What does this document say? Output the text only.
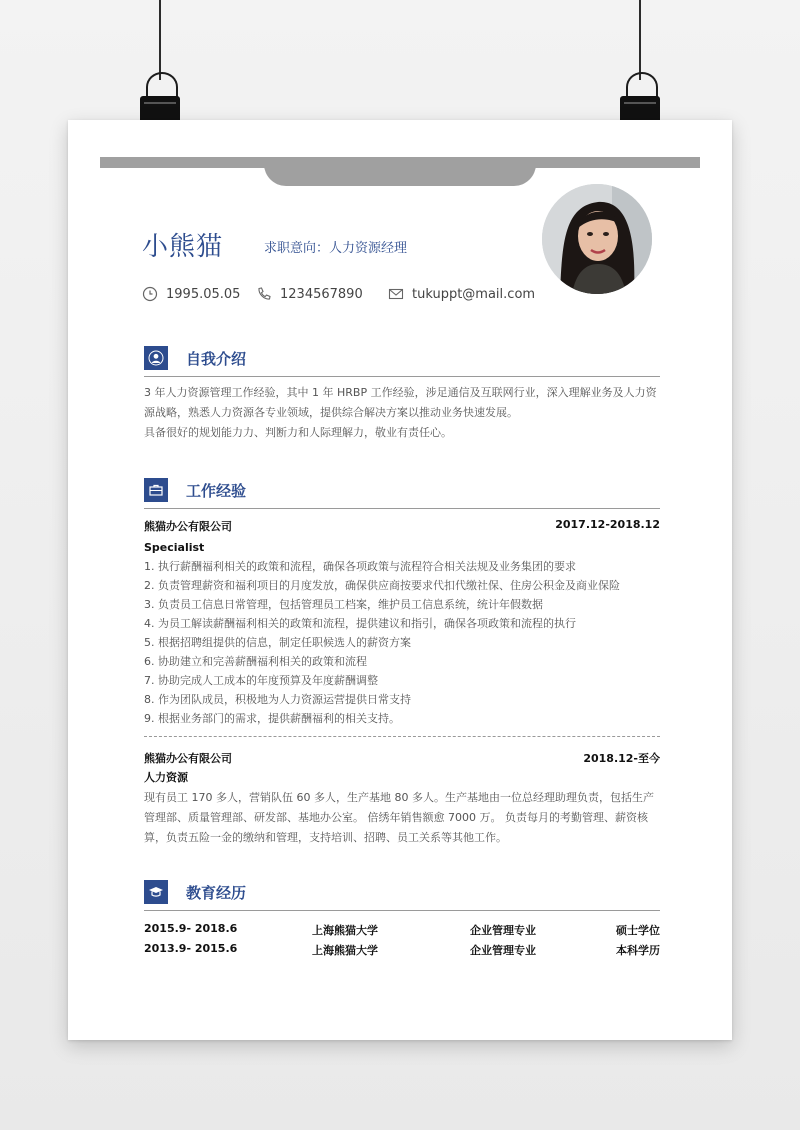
小熊猫	求职意向：人力资源经理
1995.05.05	1234567890	tukuppt@mail.com
自我介绍
3 年人力资源管理工作经验，其中 1 年 HRBP 工作经验，涉足通信及互联网行业，深入理解业务及人力资源战略，熟悉人力资源各专业领域，提供综合解决方案以推动业务快速发展。
具备很好的规划能力力、判断力和人际理解力，敬业有责任心。
工作经验
熊猫办公有限公司	2017.12-2018.12
Specialist
1. 执行薪酬福利相关的政策和流程，确保各项政策与流程符合相关法规及业务集团的要求
2. 负责管理薪资和福利项目的月度发放，确保供应商按要求代扣代缴社保、住房公积金及商业保险
3. 负责员工信息日常管理，包括管理员工档案，维护员工信息系统，统计年假数据
4. 为员工解读薪酬福利相关的政策和流程，提供建议和指引，确保各项政策和流程的执行
5. 根据招聘组提供的信息，制定任职候选人的薪资方案
6. 协助建立和完善薪酬福利相关的政策和流程
7. 协助完成人工成本的年度预算及年度薪酬调整
8. 作为团队成员，积极地为人力资源运营提供日常支持
9. 根据业务部门的需求，提供薪酬福利的相关支持。
熊猫办公有限公司	2018.12-至今
人力资源
现有员工 170 多人，营销队伍 60 多人，生产基地 80 多人。生产基地由一位总经理助理负责，包括生产管理部、质量管理部、研发部、基地办公室。 倍绣年销售额愈 7000 万。 负责每月的考勤管理、薪资核算，负责五险一金的缴纳和管理，支持培训、招聘、员工关系等其他工作。
教育经历
2015.9- 2018.6	上海熊猫大学	企业管理专业	硕士学位
2013.9- 2015.6	上海熊猫大学	企业管理专业	本科学历
